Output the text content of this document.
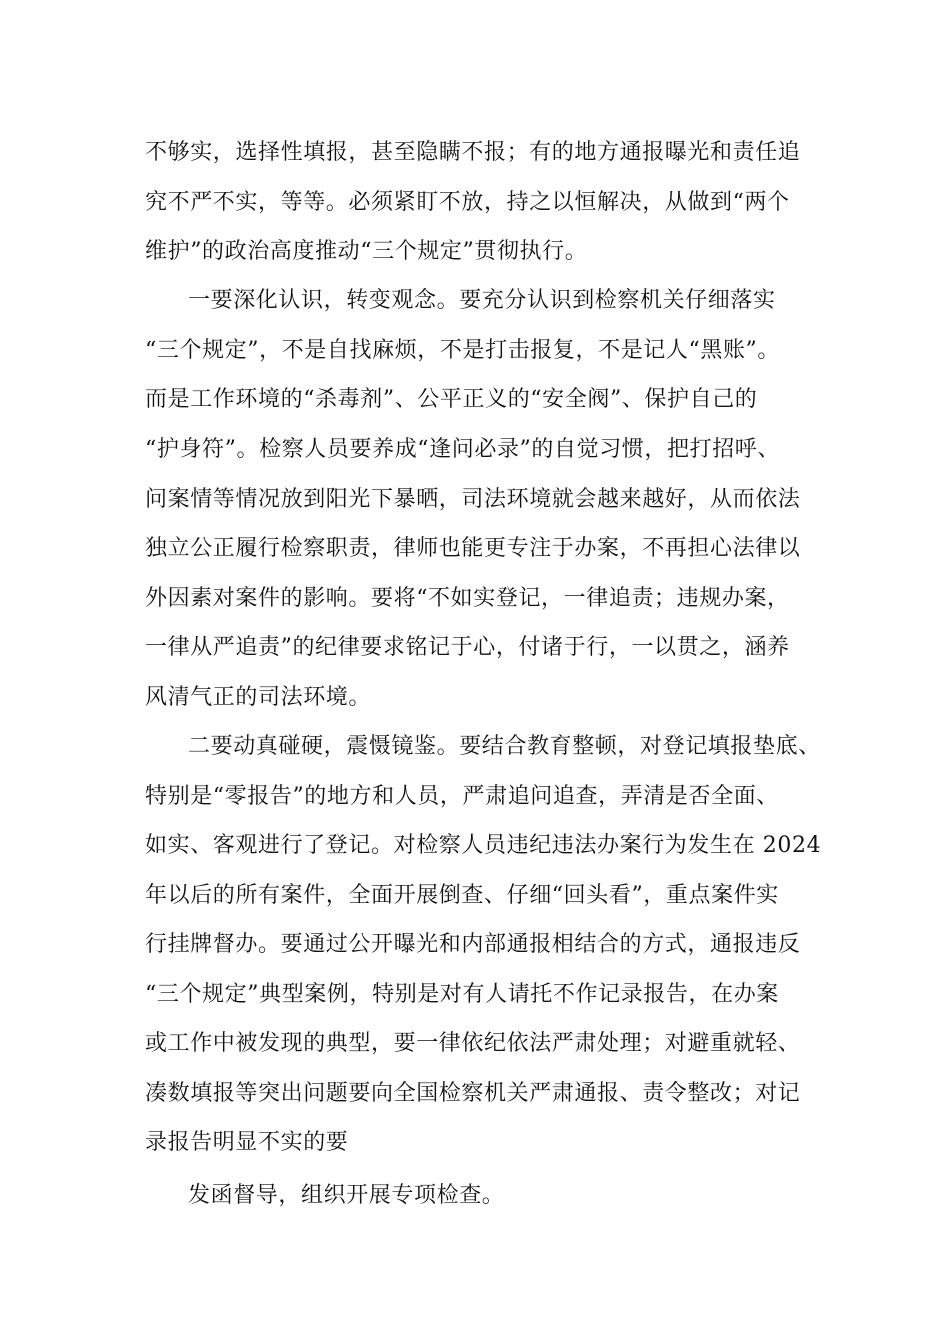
不够实，选择性填报，甚至隐瞒不报；有的地方通报曝光和责任追
究不严不实，等等。必须紧盯不放，持之以恒解决，从做到“两个
维护”的政治高度推动“三个规定”贯彻执行。
一要深化认识，转变观念。要充分认识到检察机关仔细落实
“三个规定”，不是自找麻烦，不是打击报复，不是记人“黑账”。
而是工作环境的“杀毒剂”、公平正义的“安全阀”、保护自己的
“护身符”。检察人员要养成“逢问必录”的自觉习惯，把打招呼、
问案情等情况放到阳光下暴晒，司法环境就会越来越好，从而依法
独立公正履行检察职责，律师也能更专注于办案，不再担心法律以
外因素对案件的影响。要将“不如实登记，一律追责；违规办案，
一律从严追责”的纪律要求铭记于心，付诸于行，一以贯之，涵养
风清气正的司法环境。
二要动真碰硬，震慑镜鉴。要结合教育整顿，对登记填报垫底、
特别是“零报告”的地方和人员，严肃追问追查，弄清是否全面、
如实、客观进行了登记。对检察人员违纪违法办案行为发生在 2024
年以后的所有案件，全面开展倒查、仔细“回头看”，重点案件实
行挂牌督办。要通过公开曝光和内部通报相结合的方式，通报违反
“三个规定”典型案例，特别是对有人请托不作记录报告，在办案
或工作中被发现的典型，要一律依纪依法严肃处理；对避重就轻、
凑数填报等突出问题要向全国检察机关严肃通报、责令整改；对记
录报告明显不实的要
发函督导，组织开展专项检查。
